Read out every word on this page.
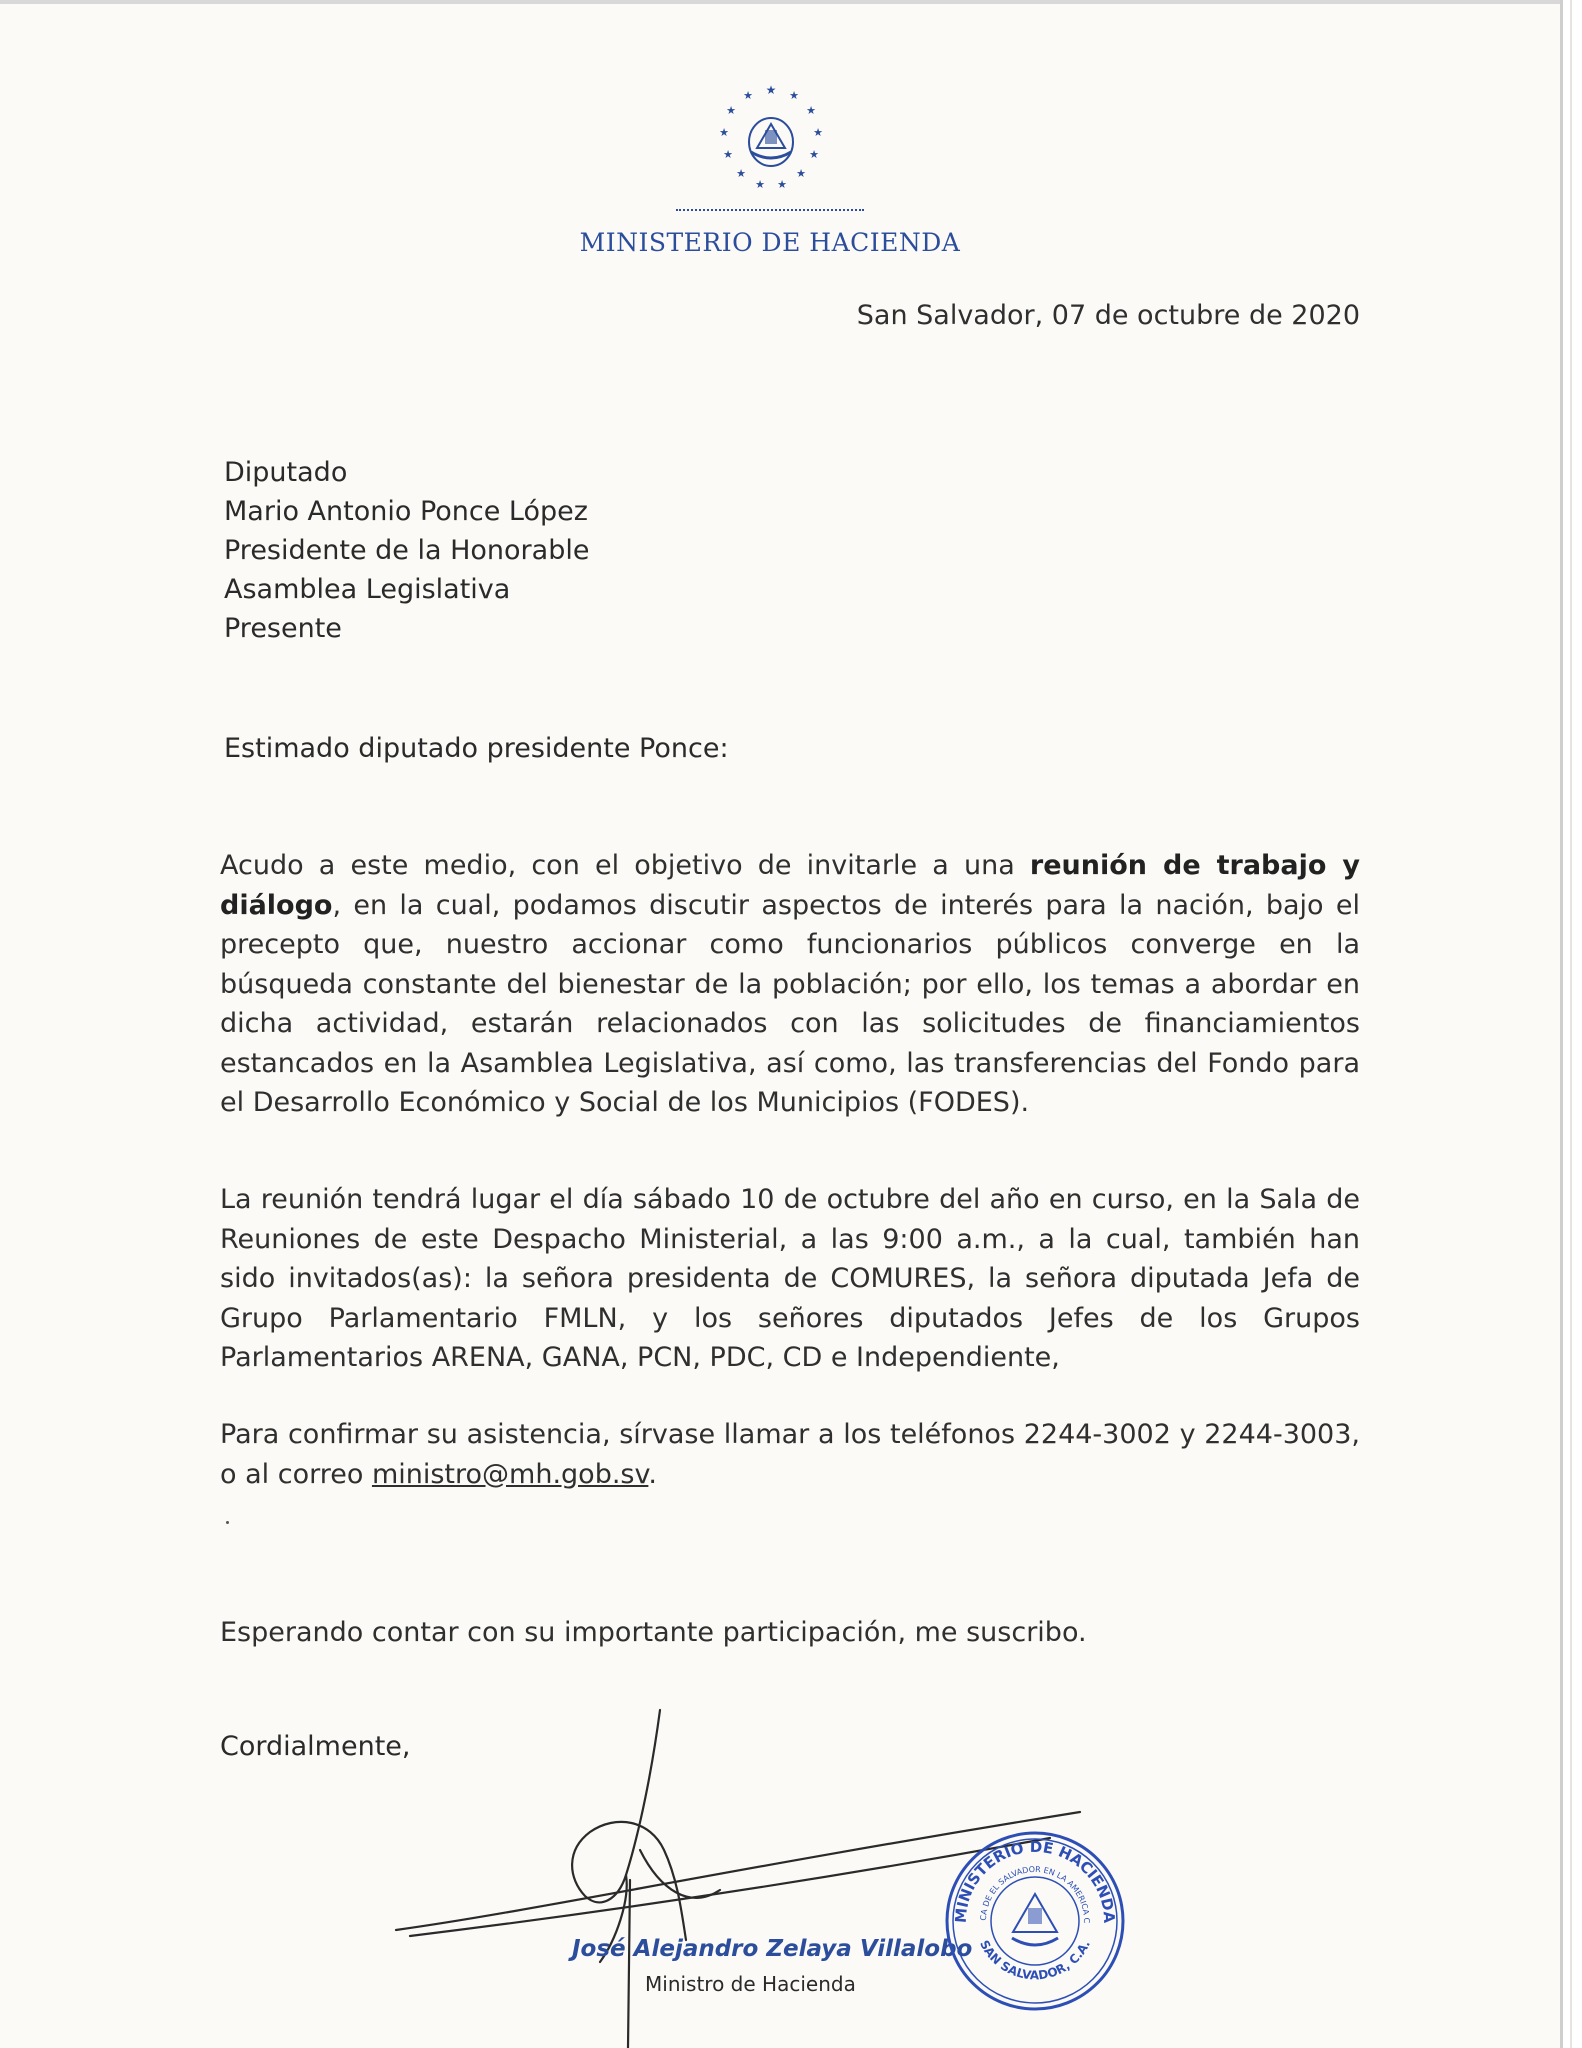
★ ★
★
★
★
★
★
★
★
★
★
★
★
MINISTERIO DE HACIENDA
San Salvador, 07 de octubre de 2020
Diputado
Mario Antonio Ponce López
Presidente de la Honorable
Asamblea Legislativa
Presente
Estimado diputado presidente Ponce:
Acudo a este medio, con el objetivo de invitarle a una reunión de trabajo y diálogo, en la cual, podamos discutir aspectos de interés para la nación, bajo el precepto que, nuestro accionar como funcionarios públicos converge en la búsqueda constante del bienestar de la población; por ello, los temas a abordar en dicha actividad, estarán relacionados con las solicitudes de financiamientos estancados en la Asamblea Legislativa, así como, las transferencias del Fondo para el Desarrollo Económico y Social de los Municipios (FODES).
La reunión tendrá lugar el día sábado 10 de octubre del año en curso, en la Sala de Reuniones de este Despacho Ministerial, a las 9:00 a.m., a la cual, también han sido invitados(as): la señora presidenta de COMURES, la señora diputada Jefa de Grupo Parlamentario FMLN, y los señores diputados Jefes de los Grupos Parlamentarios ARENA, GANA, PCN, PDC, CD e Independiente,
Para confirmar su asistencia, sírvase llamar a los teléfonos 2244-3002 y 2244-3003, o al correo ministro@mh.gob.sv.
Esperando contar con su importante participación, me suscribo.
Cordialmente,
José Alejandro Zelaya Villalobo
Ministro de Hacienda
MINISTERIO DE HACIENDA
CA DE EL SALVADOR EN LA AMERICA C
SAN SALVADOR, C.A.
